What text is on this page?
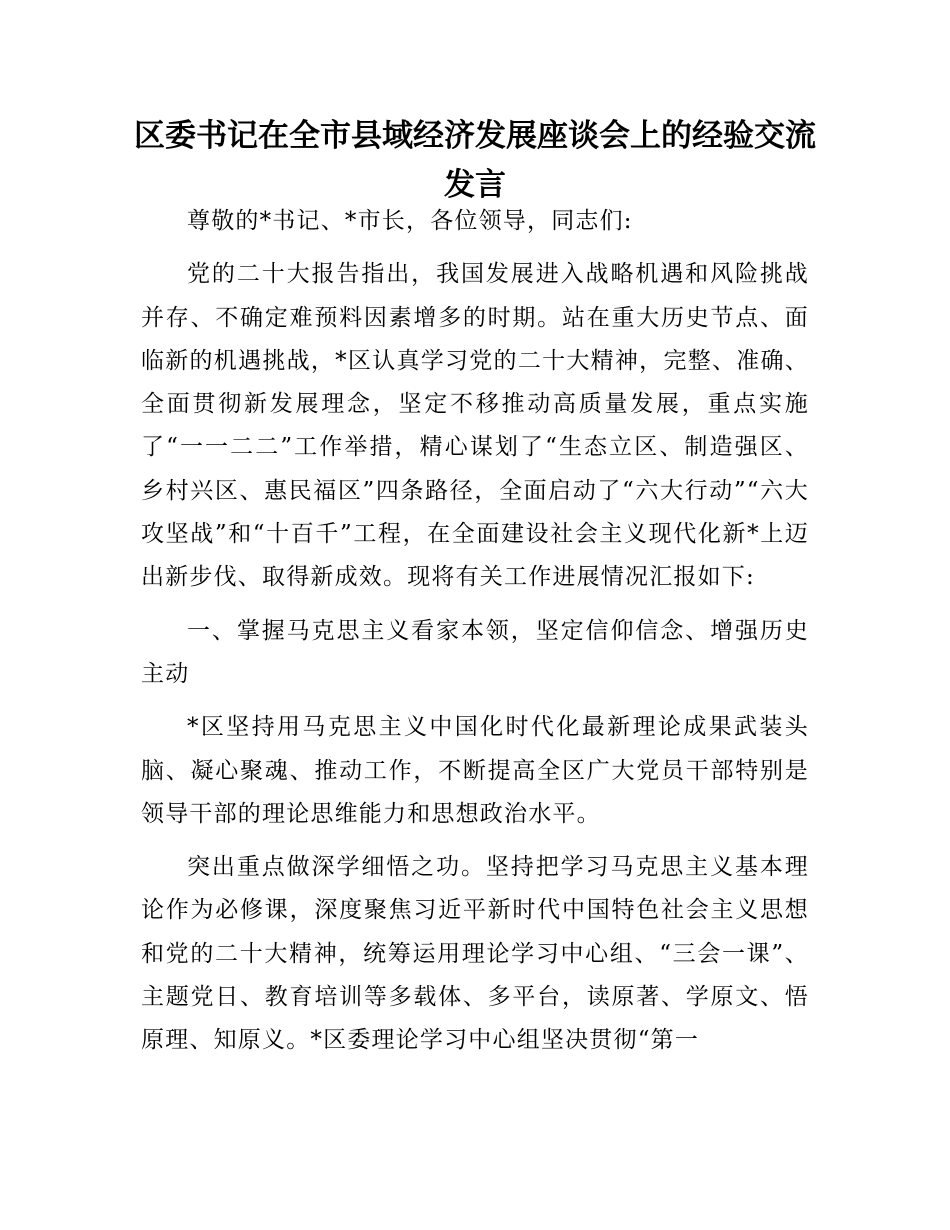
区委书记在全市县域经济发展座谈会上的经验交流发言

尊敬的*书记、*市长，各位领导，同志们:

党的二十大报告指出，我国发展进入战略机遇和风险挑战并存、不确定难预料因素增多的时期。站在重大历史节点、面临新的机遇挑战，*区认真学习党的二十大精神，完整、准确、全面贯彻新发展理念，坚定不移推动高质量发展，重点实施了“一一二二”工作举措，精心谋划了“生态立区、制造强区、乡村兴区、惠民福区”四条路径，全面启动了“六大行动”“六大攻坚战”和“十百千”工程，在全面建设社会主义现代化新*上迈出新步伐、取得新成效。现将有关工作进展情况汇报如下:

一、掌握马克思主义看家本领，坚定信仰信念、增强历史主动

*区坚持用马克思主义中国化时代化最新理论成果武装头脑、凝心聚魂、推动工作，不断提高全区广大党员干部特别是领导干部的理论思维能力和思想政治水平。

突出重点做深学细悟之功。坚持把学习马克思主义基本理论作为必修课，深度聚焦习近平新时代中国特色社会主义思想和党的二十大精神，统筹运用理论学习中心组、“三会一课”、主题党日、教育培训等多载体、多平台，读原著、学原文、悟原理、知原义。*区委理论学习中心组坚决贯彻“第一
